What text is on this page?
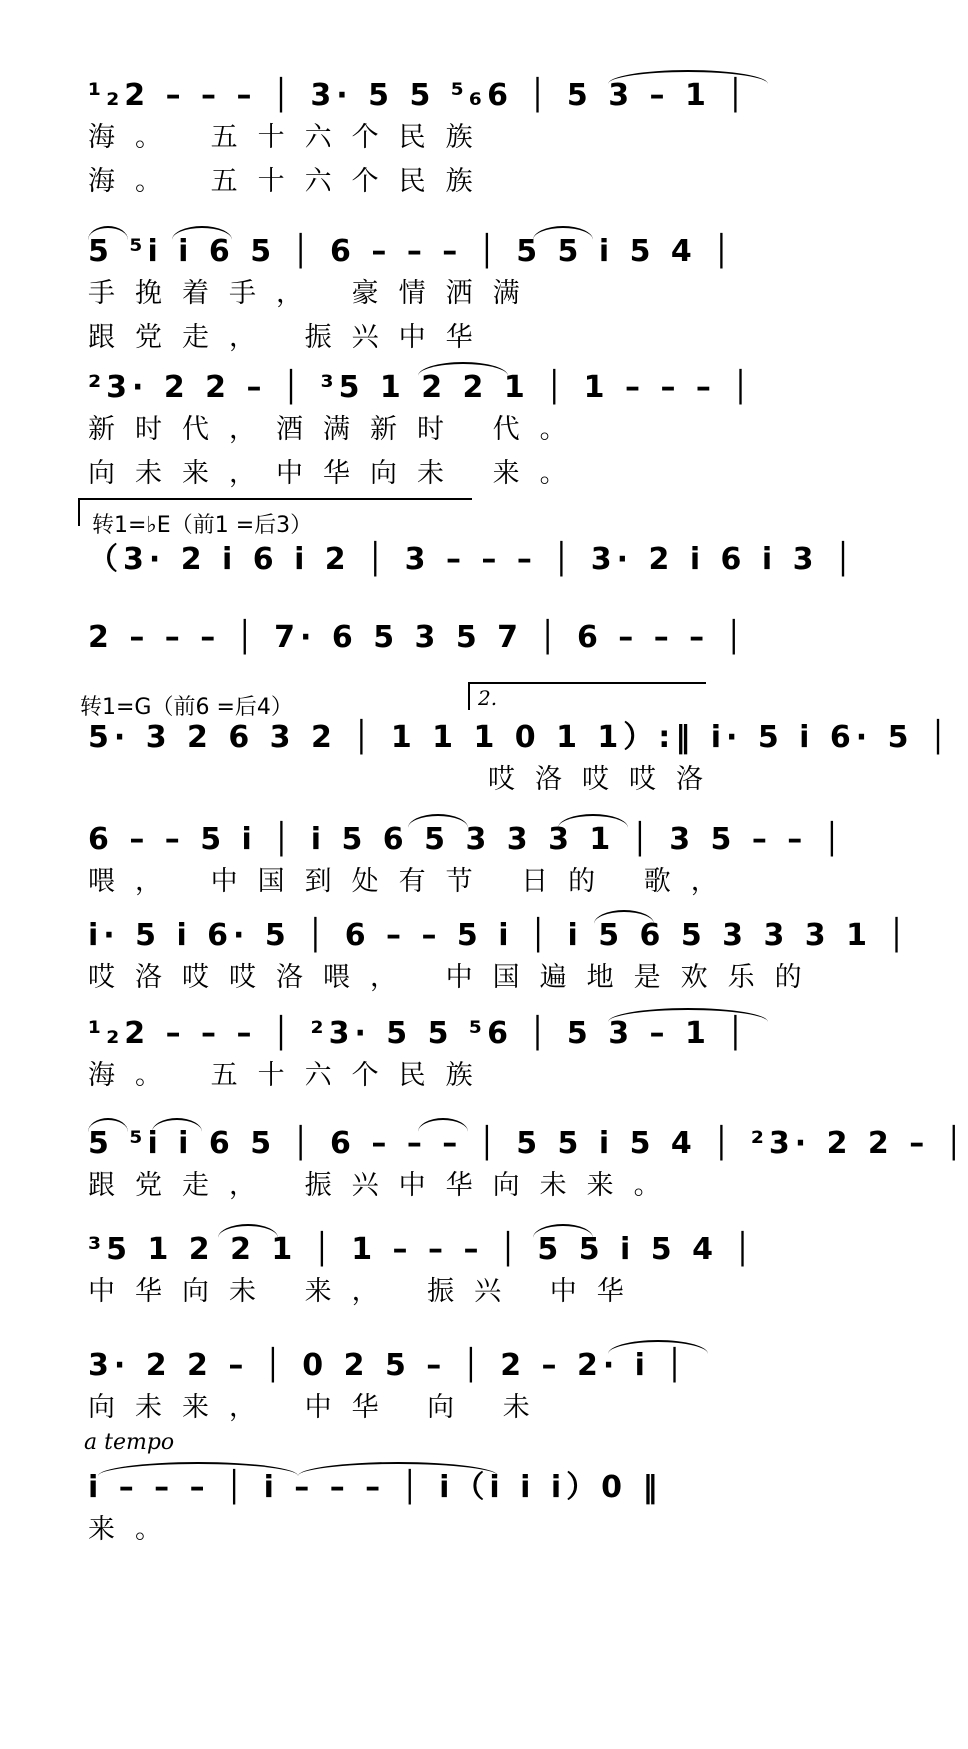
¹₂2 – – – │ 3· 5 5 ⁵₆6 │ 5 3 – 1 │
海。 五十六个民族
海。 五十六个民族
5 ⁵i i 6 5 │ 6 – – – │ 5 5 i 5 4 │
手挽着手， 豪情洒满
跟党走， 振兴中华
²3· 2 2 – │ ³5 1 2 2 1 │ 1 – – – │
新时代，酒满新时 代。
向未来，中华向未 来。
转1=♭E（前1 =后3）
（3· 2 i 6 i 2 │ 3 – – – │ 3· 2 i 6 i 3 │
2 – – – │ 7· 6 5 3 5 7 │ 6 – – – │
转1=G（前6 =后4）	2.
5· 3 2 6 3 2 │ 1 1 1 0 1 1）:‖ i· 5 i 6· 5 │
哎洛哎哎洛
6 – – 5 i │ i 5 6 5 3 3 3 1 │ 3 5 – – │
喂， 中国到处有节 日的 歌，
i· 5 i 6· 5 │ 6 – – 5 i │ i 5 6 5 3 3 3 1 │
哎洛哎哎洛喂， 中国遍地是欢乐的
¹₂2 – – – │ ²3· 5 5 ⁵6 │ 5 3 – 1 │
海。 五十六个民族
5 ⁵i i 6 5 │ 6 – – – │ 5 5 i 5 4 │ ²3· 2 2 – │
跟党走， 振兴中华向未来。
³5 1 2 2 1 │ 1 – – – │ 5 5 i 5 4 │
中华向未 来， 振兴 中华
3· 2 2 – │ 0 2 5 – │ 2 – 2· i │
向未来， 中华 向 未
a tempo
i – – – │ i – – – │ i（i i i）0 ‖
来。
